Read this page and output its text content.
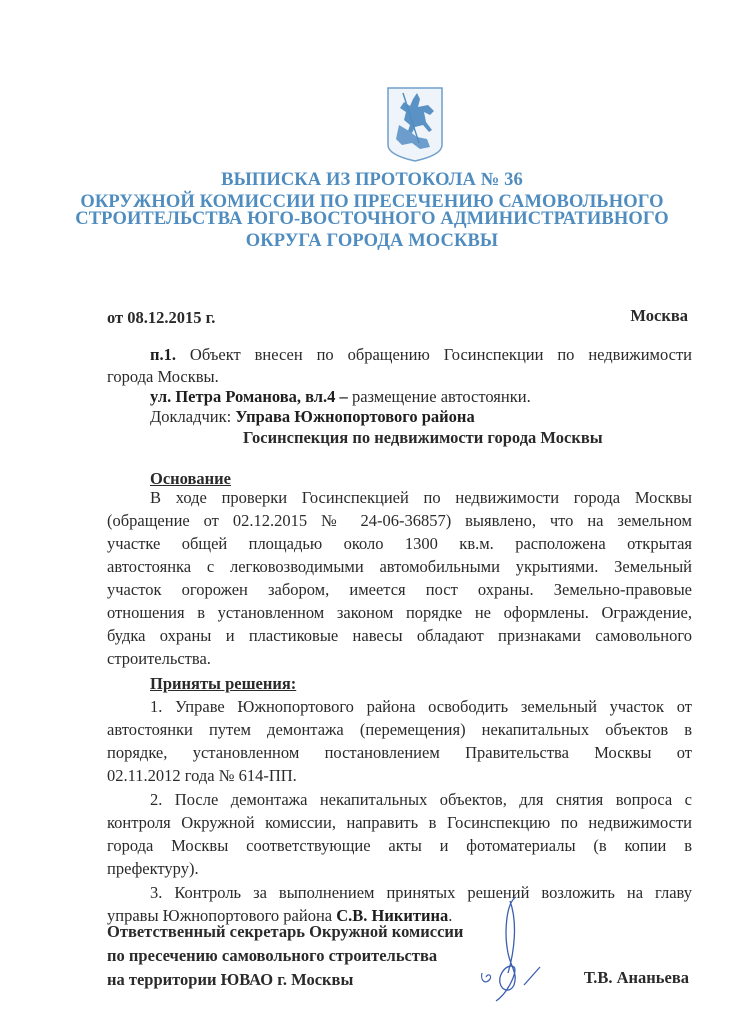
ВЫПИСКА ИЗ ПРОТОКОЛА № 36
ОКРУЖНОЙ КОМИССИИ ПО ПРЕСЕЧЕНИЮ САМОВОЛЬНОГО
СТРОИТЕЛЬСТВА ЮГО-ВОСТОЧНОГО АДМИНИСТРАТИВНОГО
ОКРУГА ГОРОДА МОСКВЫ
от 08.12.2015 г.	Москва
п.1. Объект внесен по обращению Госинспекции по недвижимости
города Москвы.
ул. Петра Романова, вл.4 – размещение автостоянки.
Докладчик: Управа Южнопортового района
Госинспекция по недвижимости города Москвы
Основание
В ходе проверки Госинспекцией по недвижимости города Москвы
(обращение от 02.12.2015 № 24-06-36857) выявлено, что на земельном
участке общей площадью около 1300 кв.м. расположена открытая
автостоянка с легковозводимыми автомобильными укрытиями. Земельный
участок огорожен забором, имеется пост охраны. Земельно-правовые
отношения в установленном законом порядке не оформлены. Ограждение,
будка охраны и пластиковые навесы обладают признаками самовольного
строительства.
Приняты решения:
1. Управе Южнопортового района освободить земельный участок от
автостоянки путем демонтажа (перемещения) некапитальных объектов в
порядке, установленном постановлением Правительства Москвы от
02.11.2012 года № 614-ПП.
2. После демонтажа некапитальных объектов, для снятия вопроса с
контроля Окружной комиссии, направить в Госинспекцию по недвижимости
города Москвы соответствующие акты и фотоматериалы (в копии в
префектуру).
3. Контроль за выполнением принятых решений возложить на главу
управы Южнопортового района С.В. Никитина.
Ответственный секретарь Окружной комиссии
по пресечению самовольного строительства
на территории ЮВАО г. Москвы	Т.В. Ананьева
